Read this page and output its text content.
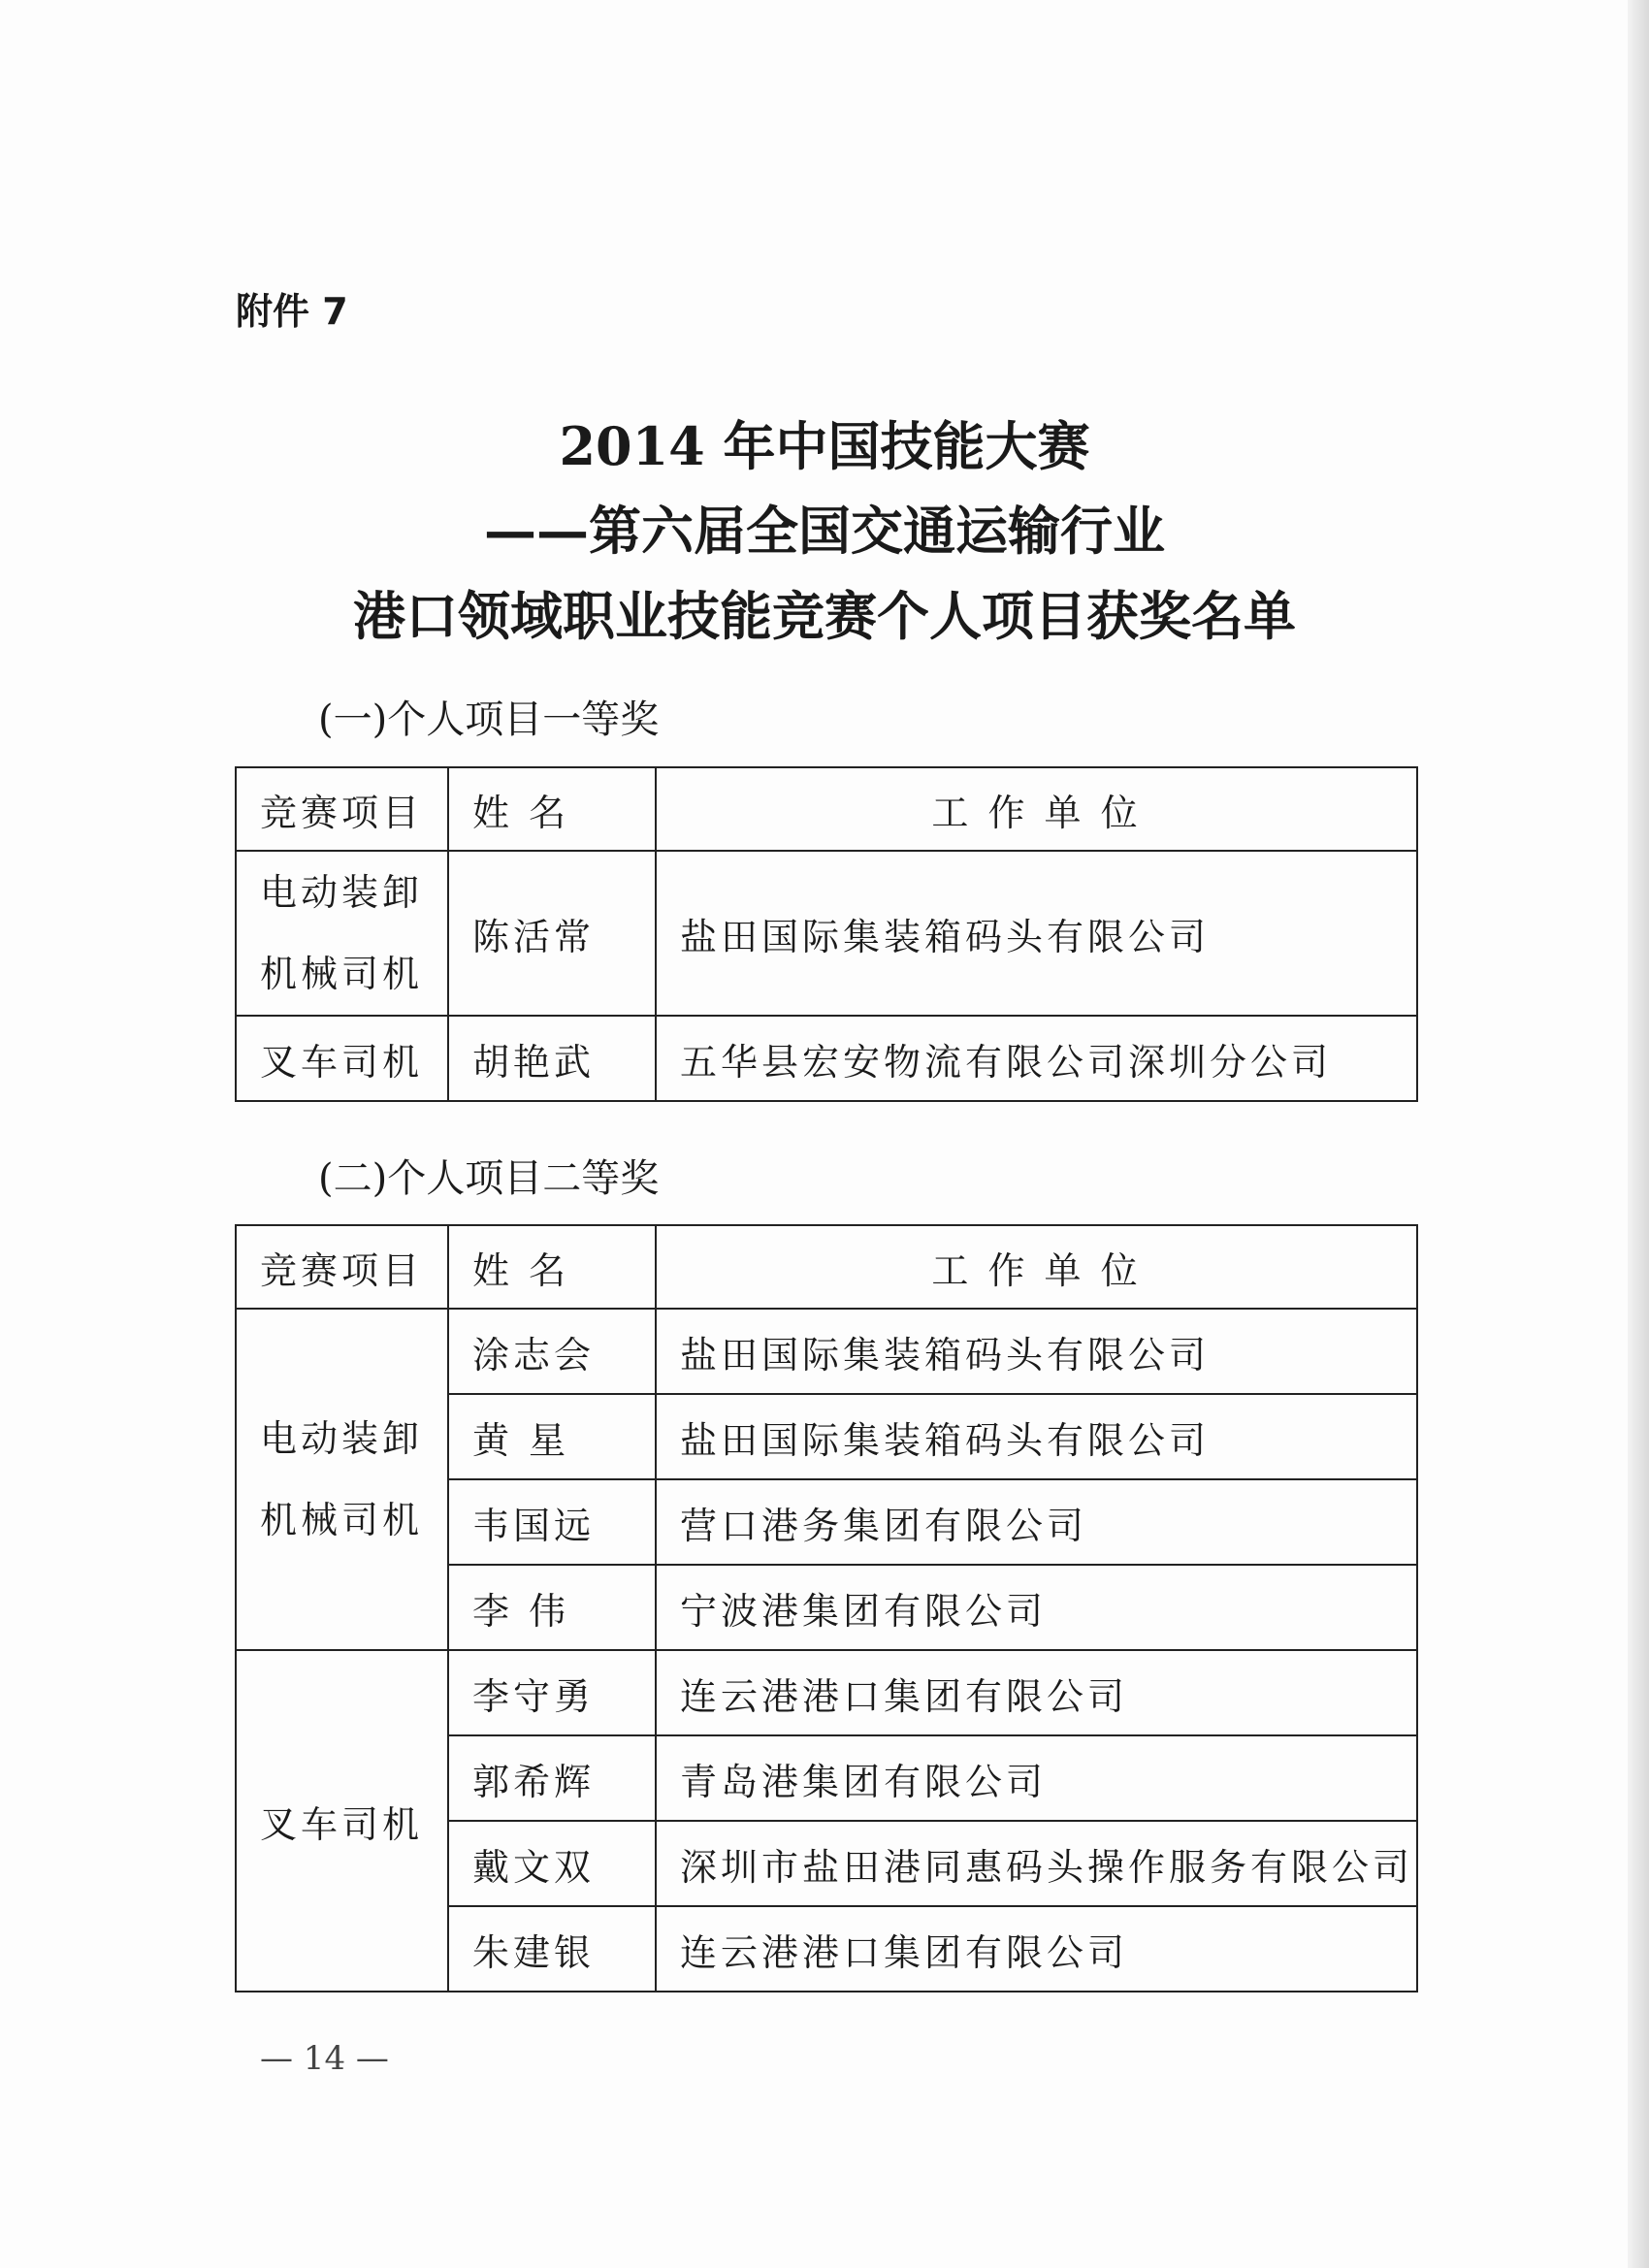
附件 7
2014 年中国技能大赛
——第六届全国交通运输行业
港口领域职业技能竞赛个人项目获奖名单
(一)个人项目一等奖
竞赛项目	姓 名	工 作 单 位

电动装卸
机械司机	陈活常	盐田国际集装箱码头有限公司
叉车司机	胡艳武	五华县宏安物流有限公司深圳分公司
(二)个人项目二等奖
竞赛项目	姓 名	工 作 单 位

电动装卸
机械司机	涂志会	盐田国际集装箱码头有限公司
	黄 星	盐田国际集装箱码头有限公司
	韦国远	营口港务集团有限公司
	李 伟	宁波港集团有限公司
叉车司机	李守勇	连云港港口集团有限公司
	郭希辉	青岛港集团有限公司
	戴文双	深圳市盐田港同惠码头操作服务有限公司
	朱建银	连云港港口集团有限公司
— 14 —
